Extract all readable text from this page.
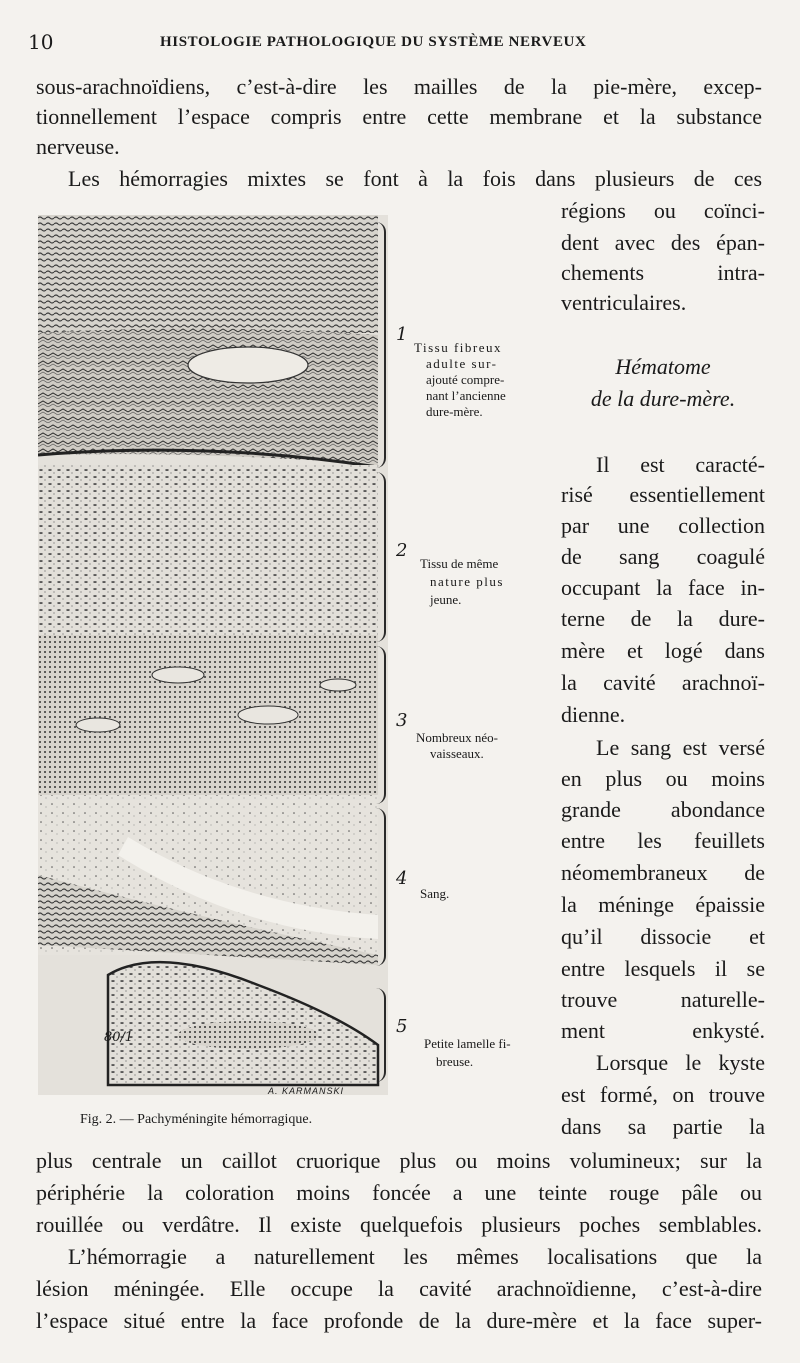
10	HISTOLOGIE PATHOLOGIQUE DU SYSTÈME NERVEUX
sous-arachnoïdiens, c’est-à-dire les mailles de la pie-mère, excep-
tionnellement l’espace compris entre cette membrane et la substance
nerveuse.
Les hémorragies mixtes se font à la fois dans plusieurs de ces
régions ou coïnci-
dent avec des épan-
chements intra-
ventriculaires.
Hématome
de la dure-mère.
Il est caracté-
risé essentiellement
par une collection
de sang coagulé
occupant la face in-
terne de la dure-
mère et logé dans
la cavité arachnoï-
dienne.
Le sang est versé
en plus ou moins
grande abondance
entre les feuillets
néomembraneux de
la méninge épaissie
qu’il dissocie et
entre lesquels il se
trouve naturelle-
ment enkysté.
Lorsque le kyste
est formé, on trouve
dans sa partie la
plus centrale un caillot cruorique plus ou moins volumineux; sur la
périphérie la coloration moins foncée a une teinte rouge pâle ou
rouillée ou verdâtre. Il existe quelquefois plusieurs poches semblables.
L’hémorragie a naturellement les mêmes localisations que la
lésion méningée. Elle occupe la cavité arachnoïdienne, c’est-à-dire
l’espace situé entre la face profonde de la dure-mère et la face super-
1
2
3
4
5
Tissu fibreux
adulte sur-
ajouté compre-
nant l’ancienne
dure-mère.
Tissu de même
nature plus
jeune.
Nombreux néo-
vaisseaux.
Sang.
Petite lamelle fi-
breuse.
80/1
A. KARMANSKI
Fig. 2. — Pachyméningite hémorragique.
